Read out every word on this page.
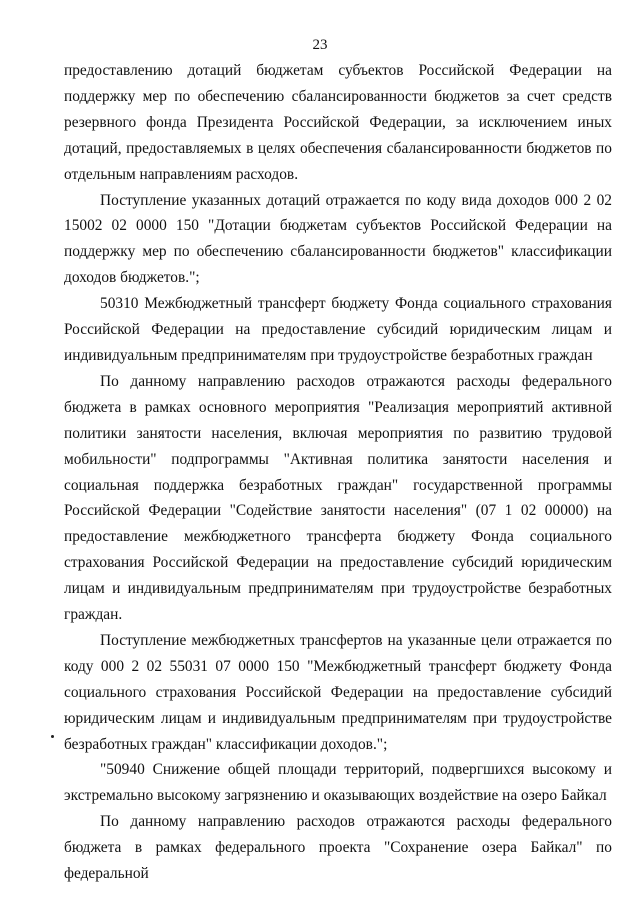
23

предоставлению дотаций бюджетам субъектов Российской Федерации на поддержку мер по обеспечению сбалансированности бюджетов за счет средств резервного фонда Президента Российской Федерации, за исключением иных дотаций, предоставляемых в целях обеспечения сбалансированности бюджетов по отдельным направлениям расходов.

Поступление указанных дотаций отражается по коду вида доходов 000 2 02 15002 02 0000 150 "Дотации бюджетам субъектов Российской Федерации на поддержку мер по обеспечению сбалансированности бюджетов" классификации доходов бюджетов.";

50310 Межбюджетный трансферт бюджету Фонда социального страхования Российской Федерации на предоставление субсидий юридическим лицам и индивидуальным предпринимателям при трудоустройстве безработных граждан

По данному направлению расходов отражаются расходы федерального бюджета в рамках основного мероприятия "Реализация мероприятий активной политики занятости населения, включая мероприятия по развитию трудовой мобильности" подпрограммы "Активная политика занятости населения и социальная поддержка безработных граждан" государственной программы Российской Федерации "Содействие занятости населения" (07 1 02 00000) на предоставление межбюджетного трансферта бюджету Фонда социального страхования Российской Федерации на предоставление субсидий юридическим лицам и индивидуальным предпринимателям при трудоустройстве безработных граждан.

Поступление межбюджетных трансфертов на указанные цели отражается по коду 000 2 02 55031 07 0000 150 "Межбюджетный трансферт бюджету Фонда социального страхования Российской Федерации на предоставление субсидий юридическим лицам и индивидуальным предпринимателям при трудоустройстве безработных граждан" классификации доходов.";

"50940 Снижение общей площади территорий, подвергшихся высокому и экстремально высокому загрязнению и оказывающих воздействие на озеро Байкал

По данному направлению расходов отражаются расходы федерального бюджета в рамках федерального проекта "Сохранение озера Байкал" по федеральной
